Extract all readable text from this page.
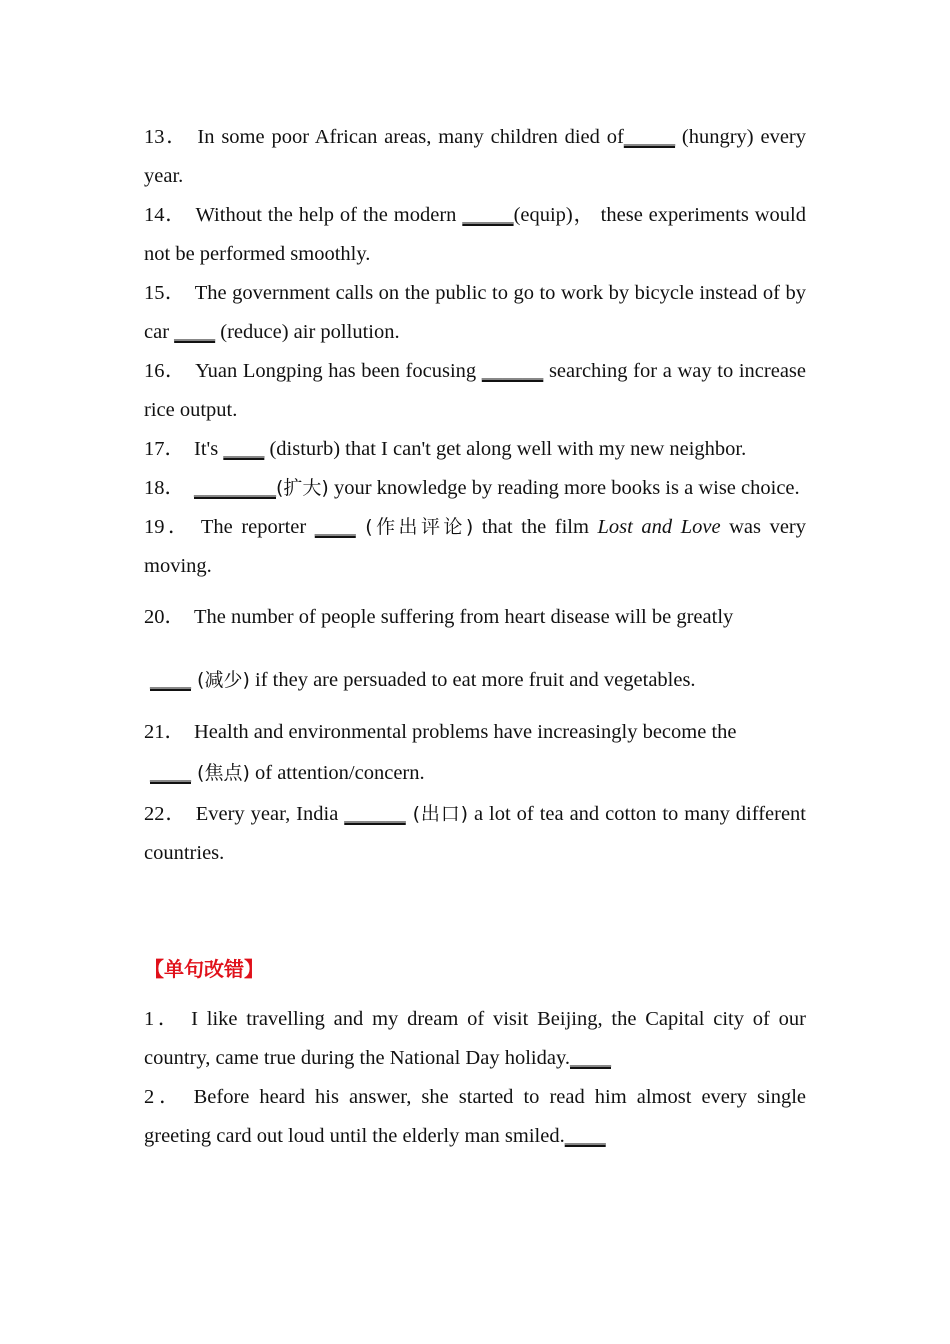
13． In some poor African areas, many children died of_____ (hungry) every year.

14． Without the help of the modern _____(equip)， these experiments would not be performed smoothly.

15． The government calls on the public to go to work by bicycle instead of by car ____ (reduce) air pollution.

16． Yuan Longping has been focusing ______ searching for a way to increase rice output.

17． It's ____ (disturb) that I can't get along well with my new neighbor.

18． ________(扩大) your knowledge by reading more books is a wise choice.

19． The reporter ____ (作出评论) that the film Lost and Love was very moving.

20． The number of people suffering from heart disease will be greatly

____ (减少) if they are persuaded to eat more fruit and vegetables.

21． Health and environmental problems have increasingly become the

____ (焦点) of attention/concern.

22． Every year, India ______ (出口) a lot of tea and cotton to many different countries.

【单句改错】

1． I like travelling and my dream of visit Beijing, the Capital city of our country, came true during the National Day holiday.____

2． Before heard his answer, she started to read him almost every single greeting card out loud until the elderly man smiled.____
